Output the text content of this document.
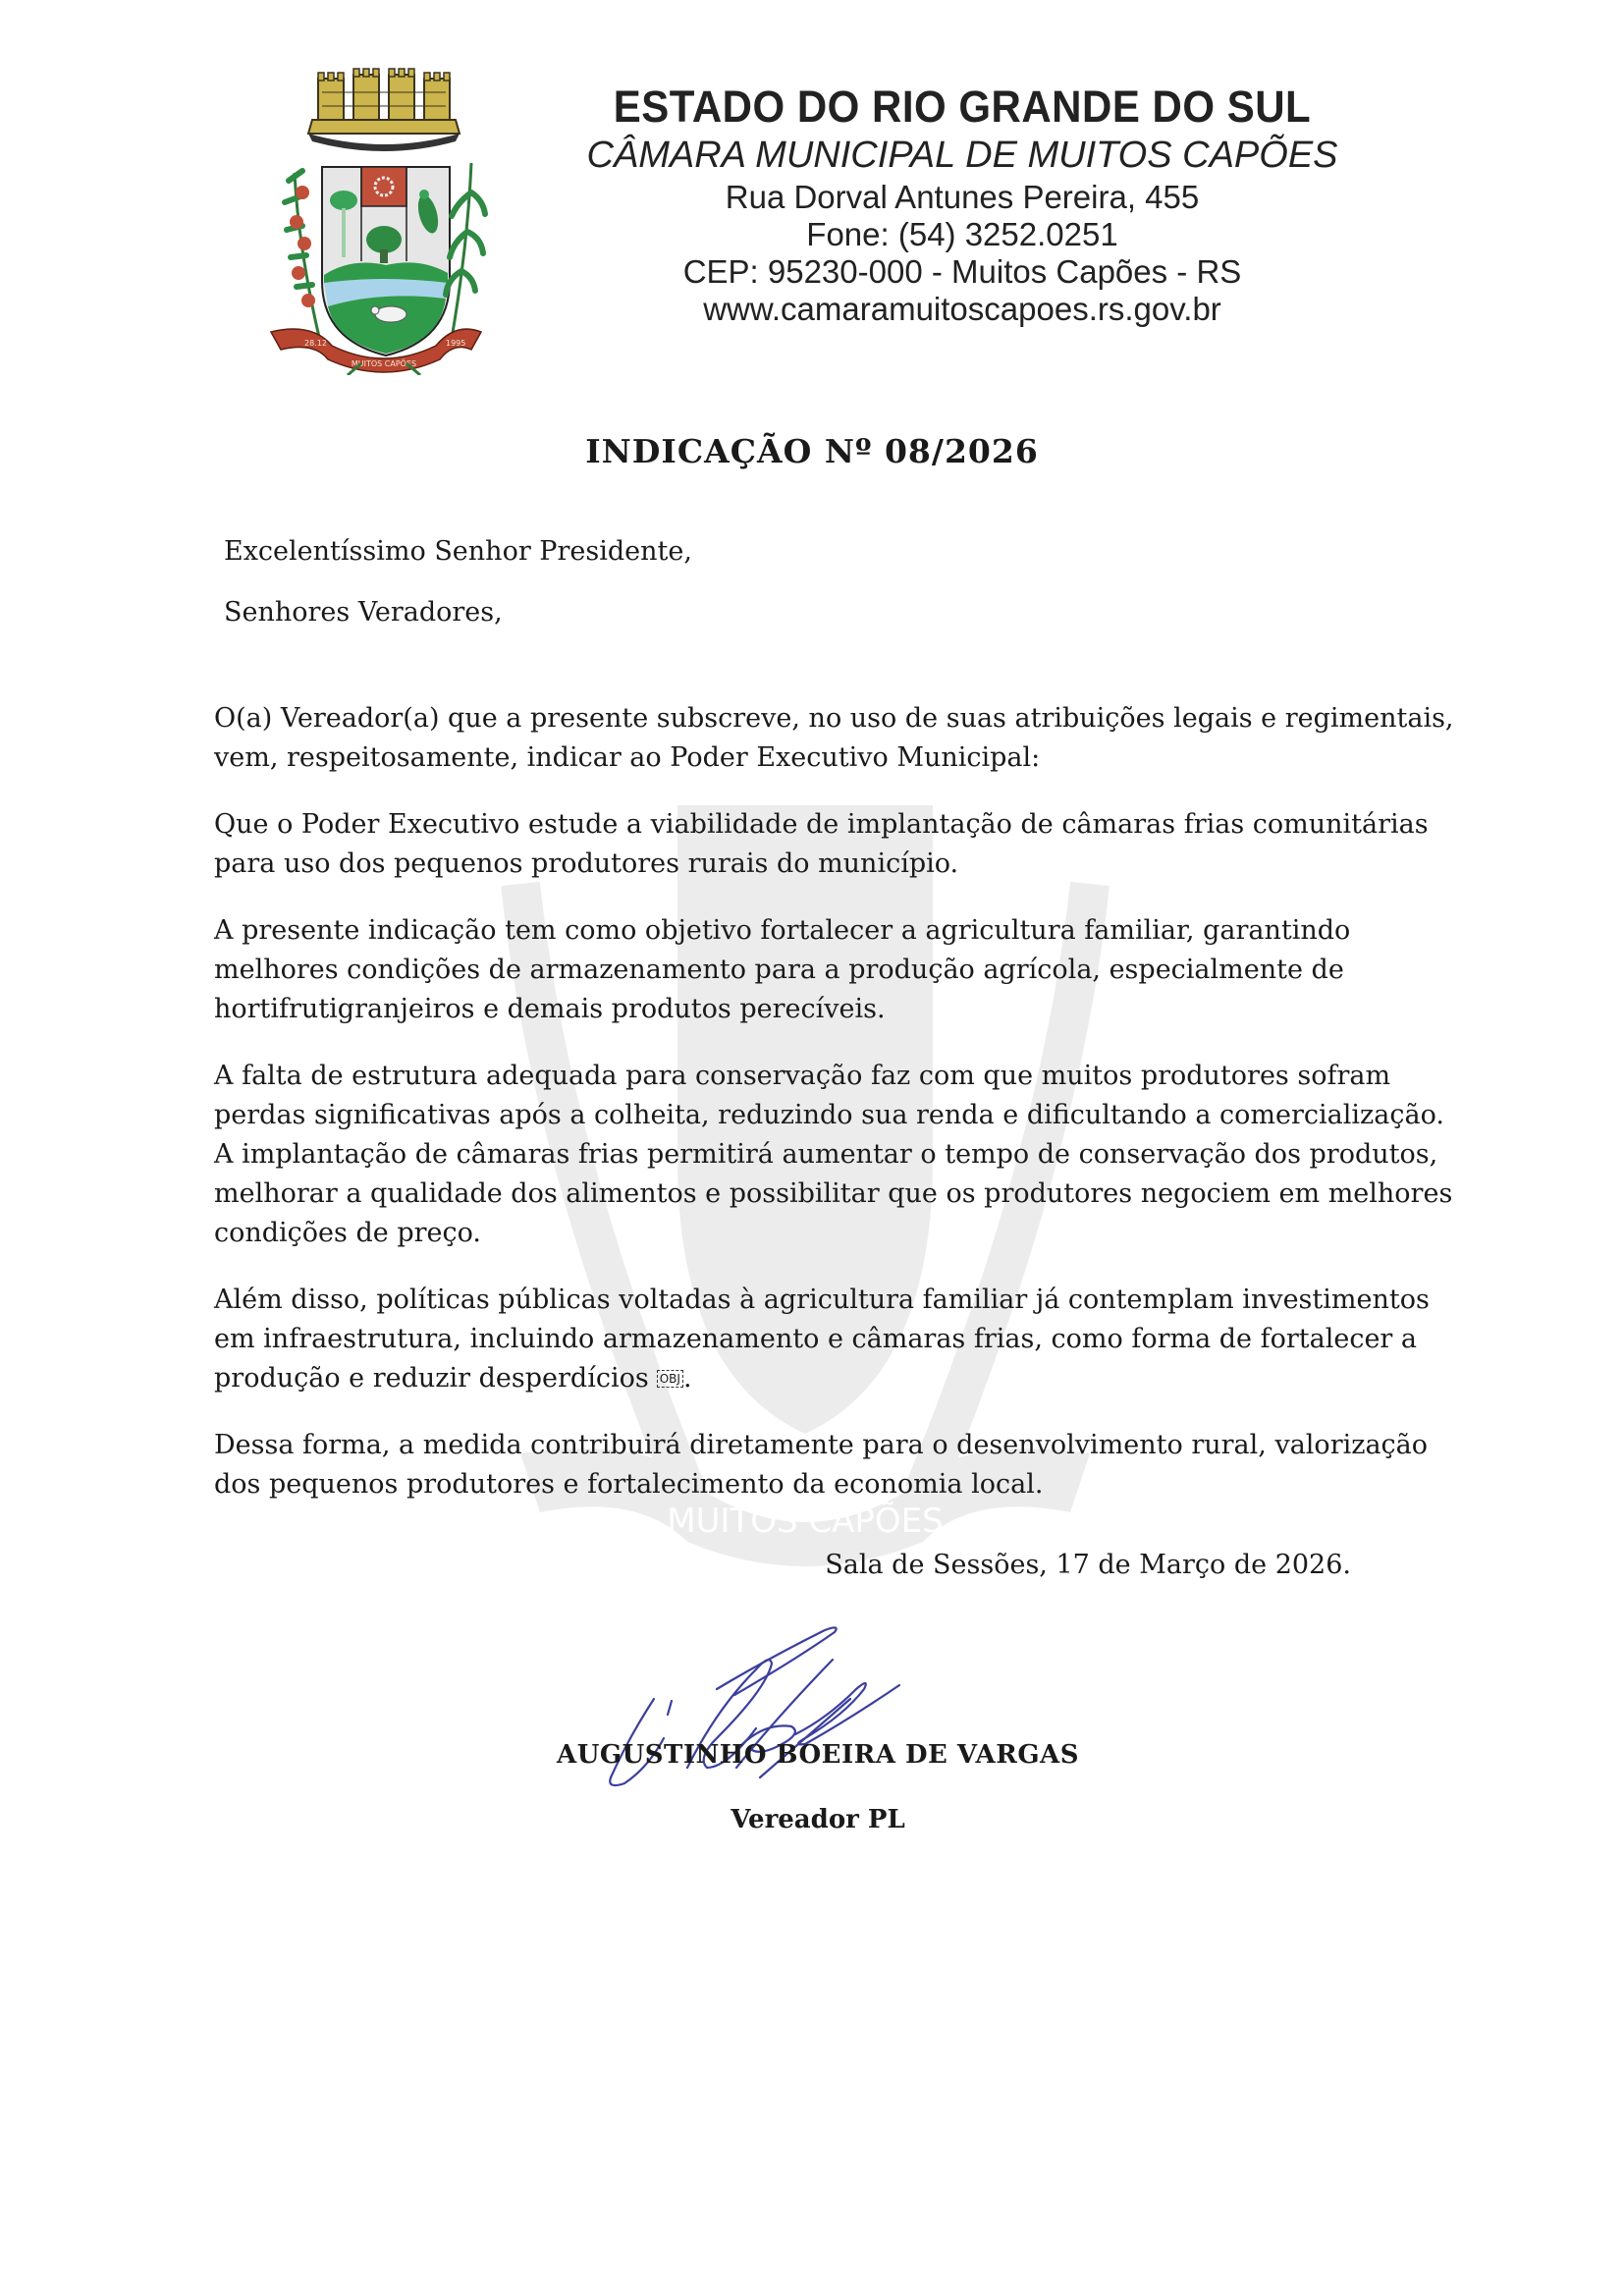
28.12
MUITOS CAPÕES
1995
ESTADO DO RIO GRANDE DO SUL
CÂMARA MUNICIPAL DE MUITOS CAPÕES
Rua Dorval Antunes Pereira, 455
Fone: (54) 3252.0251
CEP: 95230-000 - Muitos Capões - RS
www.camaramuitoscapoes.rs.gov.br
MUITOS CAPÕES
INDICAÇÃO Nº 08/2026
Excelentíssimo Senhor Presidente,
Senhores Veradores,

O(a) Vereador(a) que a presente subscreve, no uso de suas atribuições legais e regimentais,
vem, respeitosamente, indicar ao Poder Executivo Municipal:

Que o Poder Executivo estude a viabilidade de implantação de câmaras frias comunitárias
para uso dos pequenos produtores rurais do município.

A presente indicação tem como objetivo fortalecer a agricultura familiar, garantindo
melhores condições de armazenamento para a produção agrícola, especialmente de
hortifrutigranjeiros e demais produtos perecíveis.

A falta de estrutura adequada para conservação faz com que muitos produtores sofram
perdas significativas após a colheita, reduzindo sua renda e dificultando a comercialização.
A implantação de câmaras frias permitirá aumentar o tempo de conservação dos produtos,
melhorar a qualidade dos alimentos e possibilitar que os produtores negociem em melhores
condições de preço.

Além disso, políticas públicas voltadas à agricultura familiar já contemplam investimentos
em infraestrutura, incluindo armazenamento e câmaras frias, como forma de fortalecer a
produção e reduzir desperdícios OBJ .

Dessa forma, a medida contribuirá diretamente para o desenvolvimento rural, valorização
dos pequenos produtores e fortalecimento da economia local.

Sala de Sessões, 17 de Março de 2026.
AUGUSTINHO BOEIRA DE VARGAS
Vereador PL
